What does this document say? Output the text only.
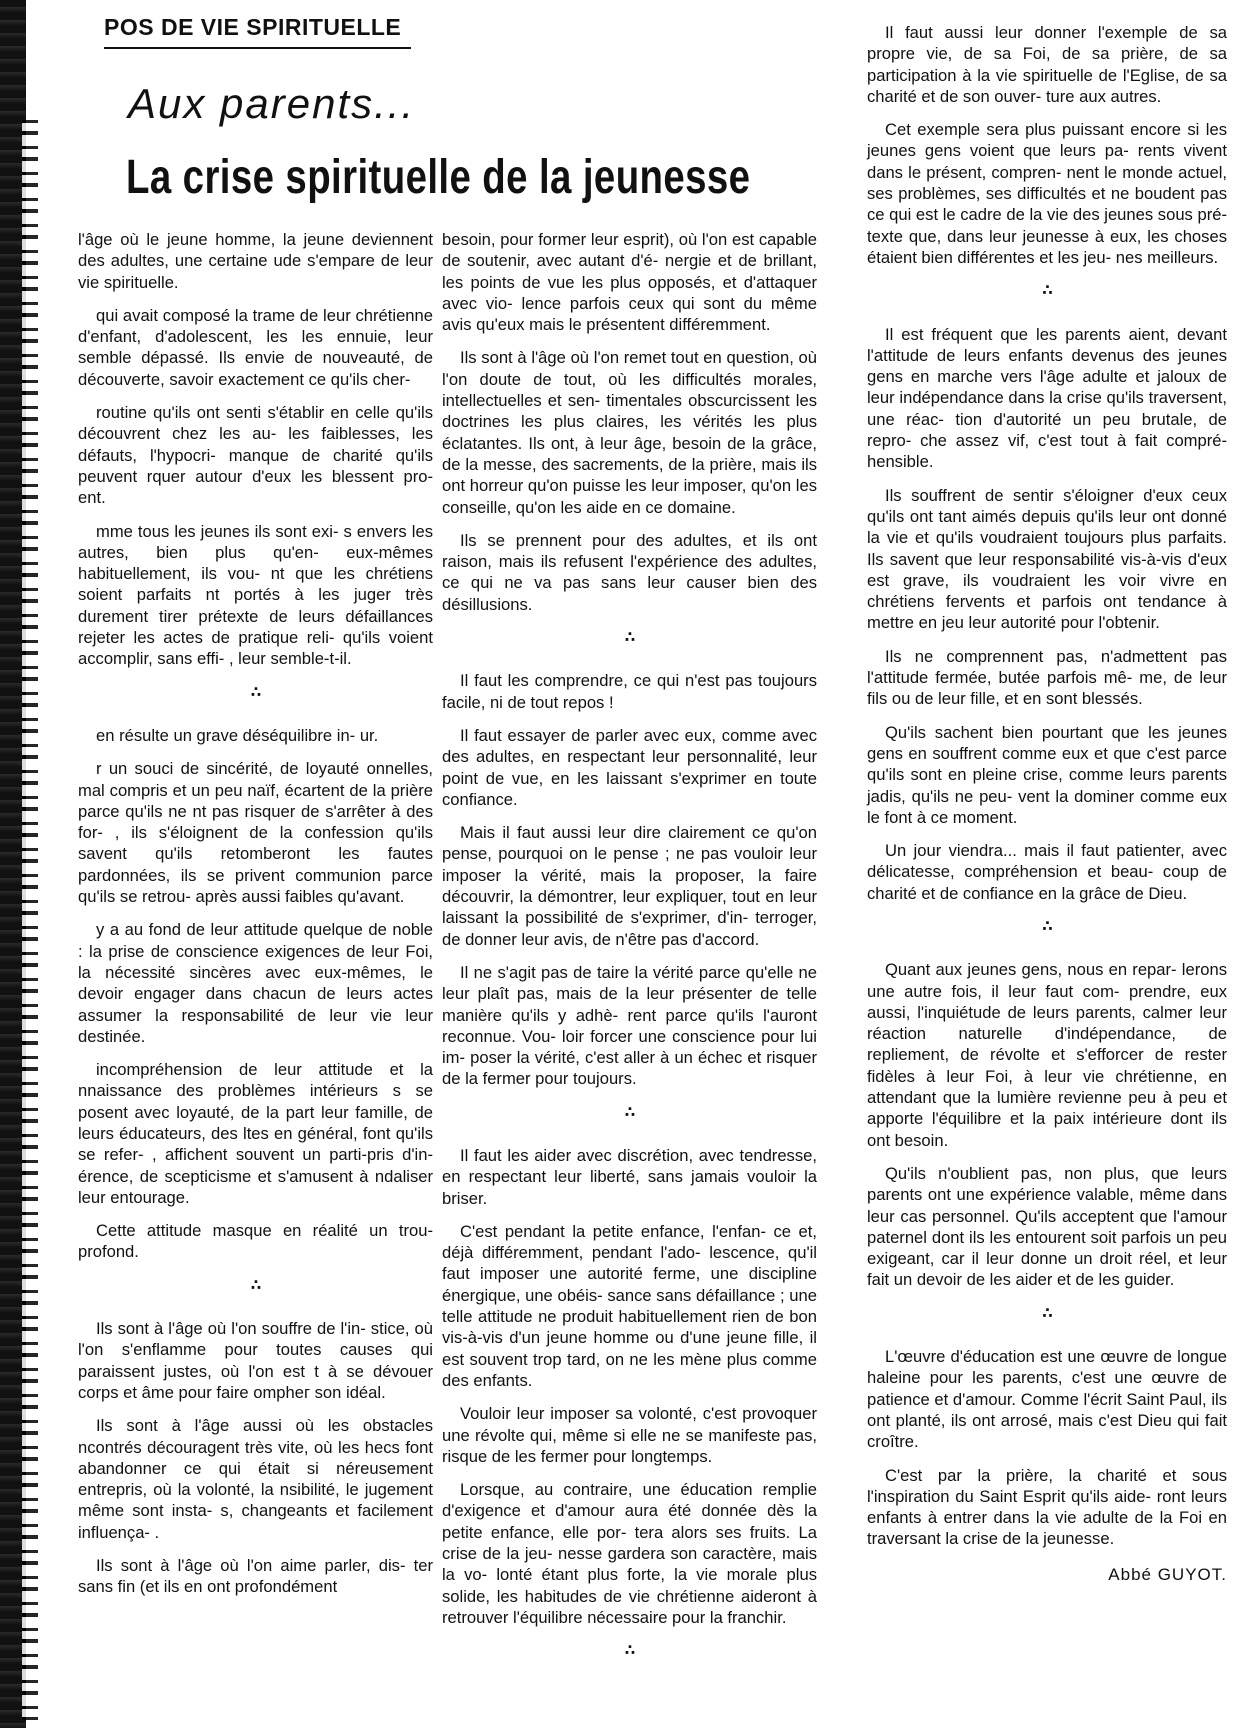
POS DE VIE SPIRITUELLE
Aux parents...
La crise spirituelle de la jeunesse

l'âge où le jeune homme, la jeune deviennent des adultes, une certaine ude s'empare de leur vie spirituelle.

qui avait composé la trame de leur chrétienne d'enfant, d'adolescent, les les ennuie, leur semble dépassé. Ils envie de nouveauté, de découverte, savoir exactement ce qu'ils cher-

routine qu'ils ont senti s'établir en celle qu'ils découvrent chez les au- les faiblesses, les défauts, l'hypocri- manque de charité qu'ils peuvent rquer autour d'eux les blessent pro- ent.

mme tous les jeunes ils sont exi- s envers les autres, bien plus qu'en- eux-mêmes habituellement, ils vou- nt que les chrétiens soient parfaits nt portés à les juger très durement tirer prétexte de leurs défaillances rejeter les actes de pratique reli- qu'ils voient accomplir, sans effi- , leur semble-t-il.

∴

en résulte un grave déséquilibre in- ur.

r un souci de sincérité, de loyauté onnelles, mal compris et un peu naïf, écartent de la prière parce qu'ils ne nt pas risquer de s'arrêter à des for- , ils s'éloignent de la confession qu'ils savent qu'ils retomberont les fautes pardonnées, ils se privent communion parce qu'ils se retrou- après aussi faibles qu'avant.

y a au fond de leur attitude quelque de noble : la prise de conscience exigences de leur Foi, la nécessité sincères avec eux-mêmes, le devoir engager dans chacun de leurs actes assumer la responsabilité de leur vie leur destinée.

incompréhension de leur attitude et la nnaissance des problèmes intérieurs s se posent avec loyauté, de la part leur famille, de leurs éducateurs, des ltes en général, font qu'ils se refer- , affichent souvent un parti-pris d'in- érence, de scepticisme et s'amusent à ndaliser leur entourage.

Cette attitude masque en réalité un trou- profond.

∴

Ils sont à l'âge où l'on souffre de l'in- stice, où l'on s'enflamme pour toutes causes qui paraissent justes, où l'on est t à se dévouer corps et âme pour faire omphег son idéal.

Ils sont à l'âge aussi où les obstacles ncontrés découragent très vite, où les hecs font abandonner ce qui était si néreusement entrepris, où la volonté, la nsibilité, le jugement même sont insta- s, changeants et facilement influença- .

Ils sont à l'âge où l'on aime parler, dis- ter sans fin (et ils en ont profondément

besoin, pour former leur esprit), où l'on est capable de soutenir, avec autant d'é- nergie et de brillant, les points de vue les plus opposés, et d'attaquer avec vio- lence parfois ceux qui sont du même avis qu'eux mais le présentent différemment.

Ils sont à l'âge où l'on remet tout en question, où l'on doute de tout, où les difficultés morales, intellectuelles et sen- timentales obscurcissent les doctrines les plus claires, les vérités les plus éclatantes. Ils ont, à leur âge, besoin de la grâce, de la messe, des sacrements, de la prière, mais ils ont horreur qu'on puisse les leur imposer, qu'on les conseille, qu'on les aide en ce domaine.

Ils se prennent pour des adultes, et ils ont raison, mais ils refusent l'expérience des adultes, ce qui ne va pas sans leur causer bien des désillusions.

∴

Il faut les comprendre, ce qui n'est pas toujours facile, ni de tout repos !

Il faut essayer de parler avec eux, comme avec des adultes, en respectant leur personnalité, leur point de vue, en les laissant s'exprimer en toute confiance.

Mais il faut aussi leur dire clairement ce qu'on pense, pourquoi on le pense ; ne pas vouloir leur imposer la vérité, mais la proposer, la faire découvrir, la démontrer, leur expliquer, tout en leur laissant la possibilité de s'exprimer, d'in- terroger, de donner leur avis, de n'être pas d'accord.

Il ne s'agit pas de taire la vérité parce qu'elle ne leur plaît pas, mais de la leur présenter de telle manière qu'ils y adhè- rent parce qu'ils l'auront reconnue. Vou- loir forcer une conscience pour lui im- poser la vérité, c'est aller à un échec et risquer de la fermer pour toujours.

∴

Il faut les aider avec discrétion, avec tendresse, en respectant leur liberté, sans jamais vouloir la briser.

C'est pendant la petite enfance, l'enfan- ce et, déjà différemment, pendant l'ado- lescence, qu'il faut imposer une autorité ferme, une discipline énergique, une obéis- sance sans défaillance ; une telle attitude ne produit habituellement rien de bon vis-à-vis d'un jeune homme ou d'une jeune fille, il est souvent trop tard, on ne les mène plus comme des enfants.

Vouloir leur imposer sa volonté, c'est provoquer une révolte qui, même si elle ne se manifeste pas, risque de les fermer pour longtemps.

Lorsque, au contraire, une éducation remplie d'exigence et d'amour aura été donnée dès la petite enfance, elle por- tera alors ses fruits. La crise de la jeu- nesse gardera son caractère, mais la vo- lonté étant plus forte, la vie morale plus solide, les habitudes de vie chrétienne aideront à retrouver l'équilibre nécessaire pour la franchir.

∴

Il faut aussi leur donner l'exemple de sa propre vie, de sa Foi, de sa prière, de sa participation à la vie spirituelle de l'Eglise, de sa charité et de son ouver- ture aux autres.

Cet exemple sera plus puissant encore si les jeunes gens voient que leurs pa- rents vivent dans le présent, compren- nent le monde actuel, ses problèmes, ses difficultés et ne boudent pas ce qui est le cadre de la vie des jeunes sous pré- texte que, dans leur jeunesse à eux, les choses étaient bien différentes et les jeu- nes meilleurs.

∴

Il est fréquent que les parents aient, devant l'attitude de leurs enfants devenus des jeunes gens en marche vers l'âge adulte et jaloux de leur indépendance dans la crise qu'ils traversent, une réac- tion d'autorité un peu brutale, de repro- che assez vif, c'est tout à fait compré- hensible.

Ils souffrent de sentir s'éloigner d'eux ceux qu'ils ont tant aimés depuis qu'ils leur ont donné la vie et qu'ils voudraient toujours plus parfaits. Ils savent que leur responsabilité vis-à-vis d'eux est grave, ils voudraient les voir vivre en chrétiens fervents et parfois ont tendance à mettre en jeu leur autorité pour l'obtenir.

Ils ne comprennent pas, n'admettent pas l'attitude fermée, butée parfois mê- me, de leur fils ou de leur fille, et en sont blessés.

Qu'ils sachent bien pourtant que les jeunes gens en souffrent comme eux et que c'est parce qu'ils sont en pleine crise, comme leurs parents jadis, qu'ils ne peu- vent la dominer comme eux le font à ce moment.

Un jour viendra... mais il faut patienter, avec délicatesse, compréhension et beau- coup de charité et de confiance en la grâce de Dieu.

∴

Quant aux jeunes gens, nous en repar- lerons une autre fois, il leur faut com- prendre, eux aussi, l'inquiétude de leurs parents, calmer leur réaction naturelle d'indépendance, de repliement, de révolte et s'efforcer de rester fidèles à leur Foi, à leur vie chrétienne, en attendant que la lumière revienne peu à peu et apporte l'équilibre et la paix intérieure dont ils ont besoin.

Qu'ils n'oublient pas, non plus, que leurs parents ont une expérience valable, même dans leur cas personnel. Qu'ils acceptent que l'amour paternel dont ils les entourent soit parfois un peu exigeant, car il leur donne un droit réel, et leur fait un devoir de les aider et de les guider.

∴

L'œuvre d'éducation est une œuvre de longue haleine pour les parents, c'est une œuvre de patience et d'amour. Comme l'écrit Saint Paul, ils ont planté, ils ont arrosé, mais c'est Dieu qui fait croître.

C'est par la prière, la charité et sous l'inspiration du Saint Esprit qu'ils aide- ront leurs enfants à entrer dans la vie adulte de la Foi en traversant la crise de la jeunesse.

Abbé GUYOT.
